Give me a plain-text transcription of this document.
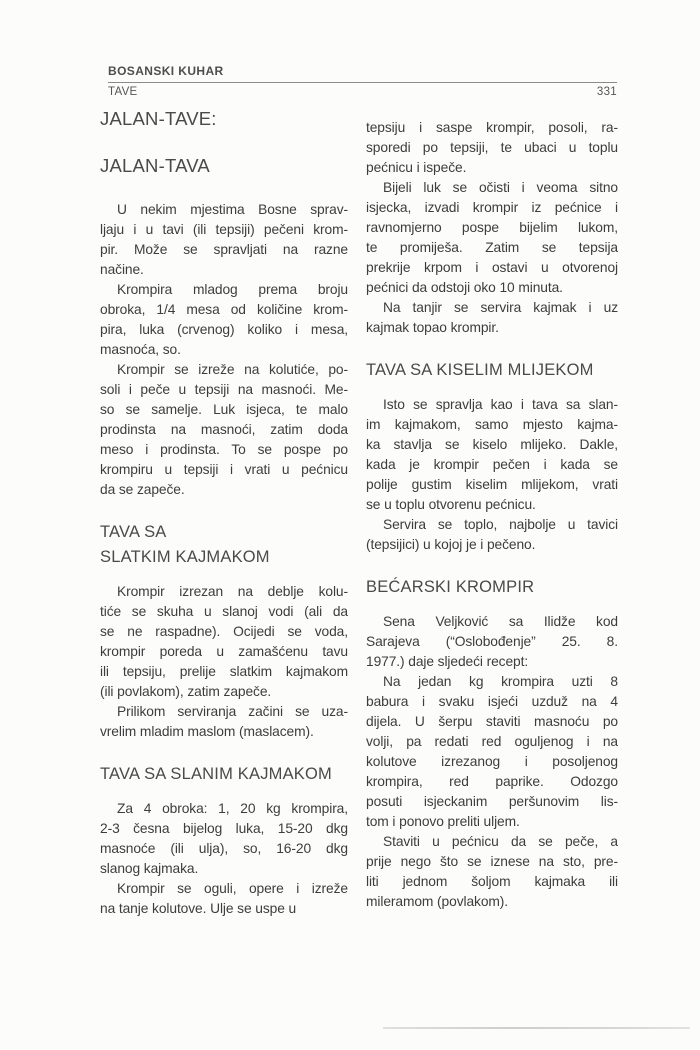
BOSANSKI KUHAR
TAVE	331
JALAN-TAVE:
JALAN-TAVA
U nekim mjestima Bosne sprav-
ljaju i u tavi (ili tepsiji) pečeni krom-
pir. Može se spravljati na razne
načine.
Krompira mladog prema broju
obroka, 1/4 mesa od količine krom-
pira, luka (crvenog) koliko i mesa,
masnoća, so.
Krompir se izreže na kolutiće, po-
soli i peče u tepsiji na masnoći. Me-
so se samelje. Luk isjeca, te malo
prodinsta na masnoći, zatim doda
meso i prodinsta. To se pospe po
krompiru u tepsiji i vrati u pećnicu
da se zapeče.
TAVA SA
SLATKIM KAJMAKOM
Krompir izrezan na deblje kolu-
tiće se skuha u slanoj vodi (ali da
se ne raspadne). Ocijedi se voda,
krompir poreda u zamašćenu tavu
ili tepsiju, prelije slatkim kajmakom
(ili povlakom), zatim zapeče.
Prilikom serviranja začini se uza-
vrelim mladim maslom (maslacem).
TAVA SA SLANIM KAJMAKOM
Za 4 obroka: 1, 20 kg krompira,
2-3 česna bijelog luka, 15-20 dkg
masnoće (ili ulja), so, 16-20 dkg
slanog kajmaka.
Krompir se oguli, opere i izreže
na tanje kolutove. Ulje se uspe u
tepsiju i saspe krompir, posoli, ra-
sporedi po tepsiji, te ubaci u toplu
pećnicu i ispeče.
Bijeli luk se očisti i veoma sitno
isjecka, izvadi krompir iz pećnice i
ravnomjerno pospe bijelim lukom,
te promiješa. Zatim se tepsija
prekrije krpom i ostavi u otvorenoj
pećnici da odstoji oko 10 minuta.
Na tanjir se servira kajmak i uz
kajmak topao krompir.
TAVA SA KISELIM MLIJEKOM
Isto se spravlja kao i tava sa slan-
im kajmakom, samo mjesto kajma-
ka stavlja se kiselo mlijeko. Dakle,
kada je krompir pečen i kada se
polije gustim kiselim mlijekom, vrati
se u toplu otvorenu pećnicu.
Servira se toplo, najbolje u tavici
(tepsijici) u kojoj je i pečeno.
BEĆARSKI KROMPIR
Sena Veljković sa Ilidže kod
Sarajeva (“Oslobođenje” 25. 8.
1977.) daje sljedeći recept:
Na jedan kg krompira uzti 8
babura i svaku isjeći uzduž na 4
dijela. U šerpu staviti masnoću po
volji, pa redati red oguljenog i na
kolutove izrezanog i posoljenog
krompira, red paprike. Odozgo
posuti isjeckanim peršunovim lis-
tom i ponovo preliti uljem.
Staviti u pećnicu da se peče, a
prije nego što se iznese na sto, pre-
liti jednom šoljom kajmaka ili
mileramom (povlakom).
